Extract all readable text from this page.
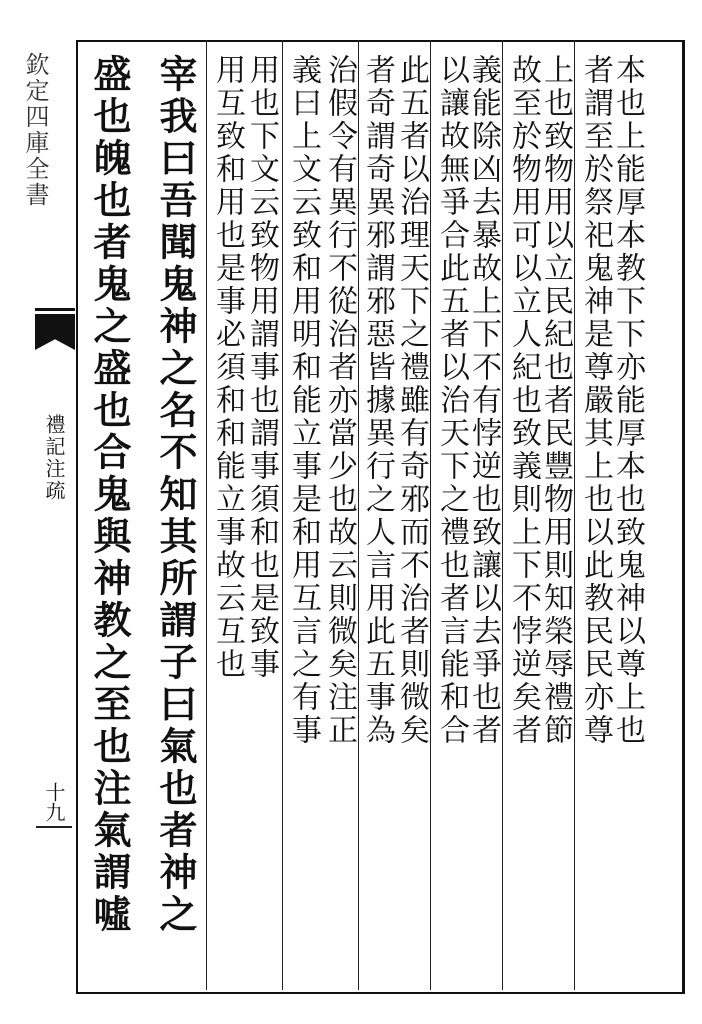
欽定四庫全書
禮記注疏
十九
本也上能厚本教下下亦能厚本也致鬼神以尊上也
者謂至於祭祀鬼神是尊嚴其上也以此教民民亦尊
上也致物用以立民紀也者民豐物用則知榮辱禮節
故至於物用可以立人紀也致義則上下不悖逆矣者
義能除凶去暴故上下不有悖逆也致讓以去爭也者
以讓故無爭合此五者以治天下之禮也者言能和合
此五者以治理天下之禮雖有奇邪而不治者則微矣
者奇謂奇異邪謂邪惡皆據異行之人言用此五事為
治假令有異行不從治者亦當少也故云則微矣注正
義曰上文云致和用明和能立事是和用互言之有事
用也下文云致物用謂事也謂事須和也是致事
用互致和用也是事必須和和能立事故云互也
宰我曰吾聞鬼神之名不知其所謂子曰氣也者神之
盛也魄也者鬼之盛也合鬼與神教之至也注氣謂噓
